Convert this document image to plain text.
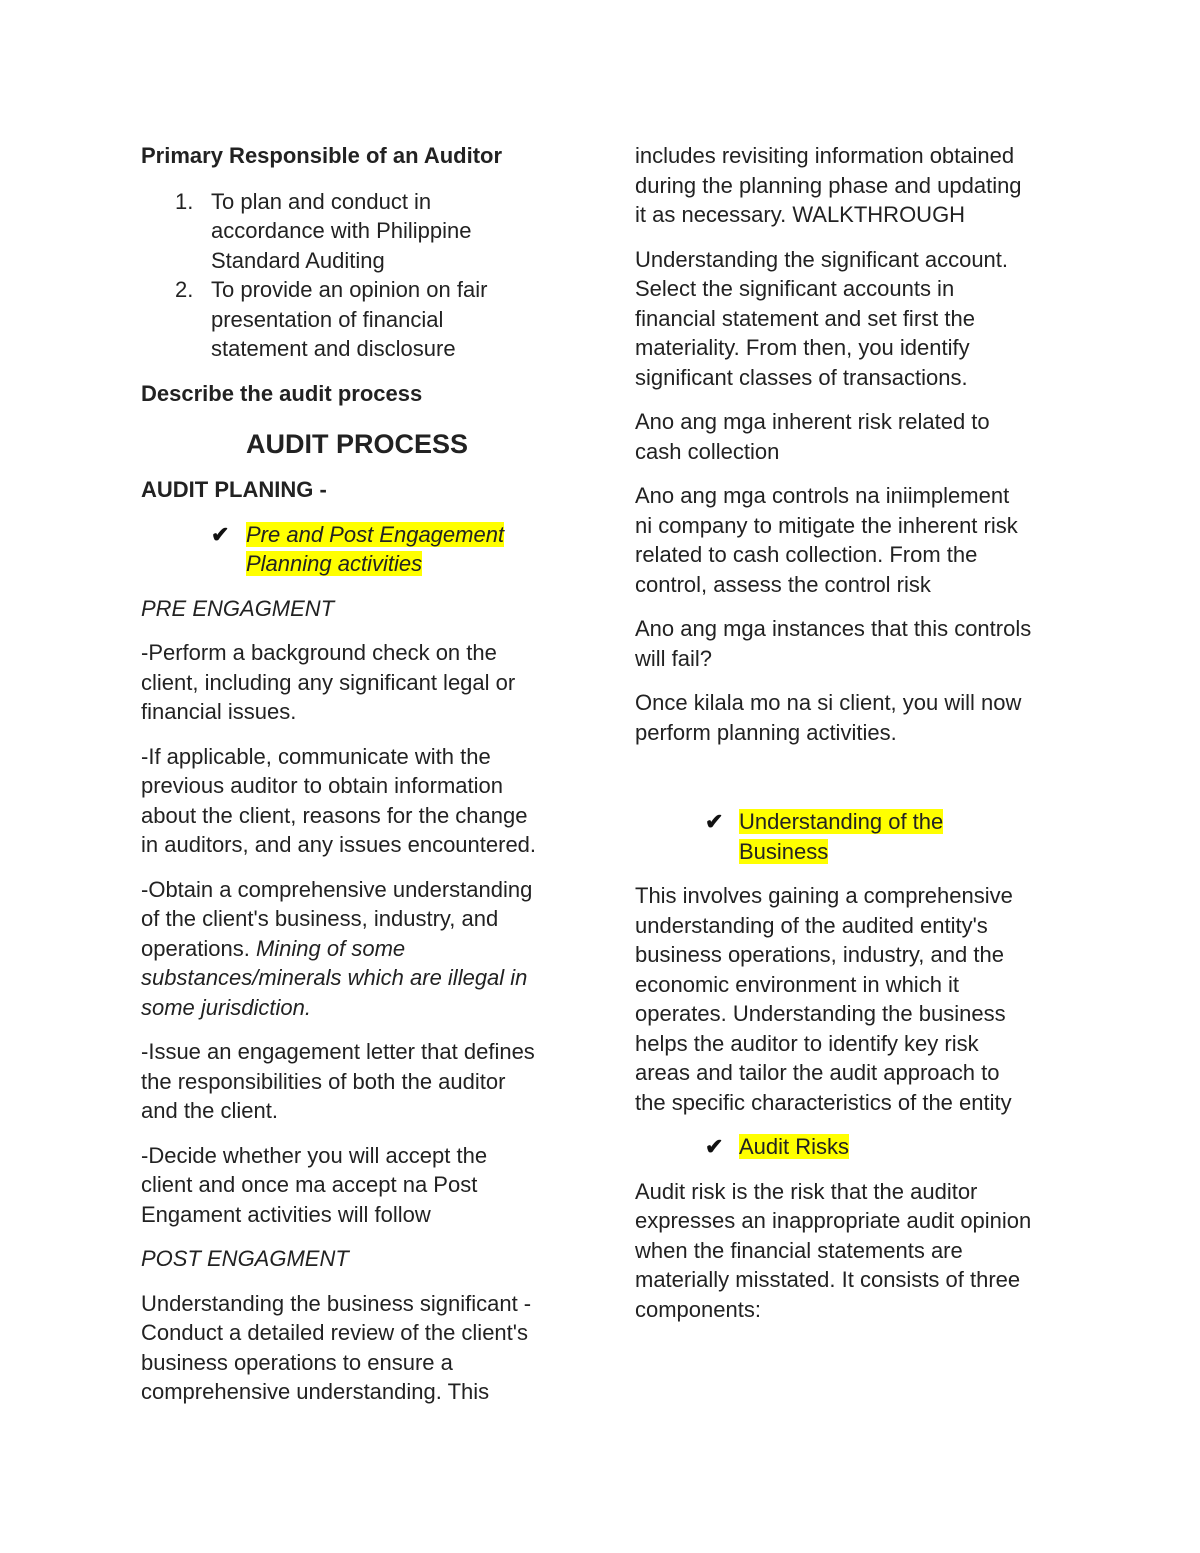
Primary Responsible of an Auditor

1. To plan and conduct in
accordance with Philippine
Standard Auditing
2. To provide an opinion on fair
presentation of financial
statement and disclosure

Describe the audit process

AUDIT PROCESS

AUDIT PLANING -

✔ Pre and Post Engagement
Planning activities

PRE ENGAGMENT

-Perform a background check on the
client, including any significant legal or
financial issues.

-If applicable, communicate with the
previous auditor to obtain information
about the client, reasons for the change
in auditors, and any issues encountered.

-Obtain a comprehensive understanding
of the client's business, industry, and
operations. Mining of some
substances/minerals which are illegal in
some jurisdiction.

-Issue an engagement letter that defines
the responsibilities of both the auditor
and the client.

-Decide whether you will accept the
client and once ma accept na Post
Engament activities will follow

POST ENGAGMENT

Understanding the business significant -
Conduct a detailed review of the client's
business operations to ensure a
comprehensive understanding. This

includes revisiting information obtained
during the planning phase and updating
it as necessary. WALKTHROUGH

Understanding the significant account.
Select the significant accounts in
financial statement and set first the
materiality. From then, you identify
significant classes of transactions.

Ano ang mga inherent risk related to
cash collection

Ano ang mga controls na iniimplement
ni company to mitigate the inherent risk
related to cash collection. From the
control, assess the control risk

Ano ang mga instances that this controls
will fail?

Once kilala mo na si client, you will now
perform planning activities.

✔ Understanding of the
Business

This involves gaining a comprehensive
understanding of the audited entity's
business operations, industry, and the
economic environment in which it
operates. Understanding the business
helps the auditor to identify key risk
areas and tailor the audit approach to
the specific characteristics of the entity

✔ Audit Risks

Audit risk is the risk that the auditor
expresses an inappropriate audit opinion
when the financial statements are
materially misstated. It consists of three
components:
